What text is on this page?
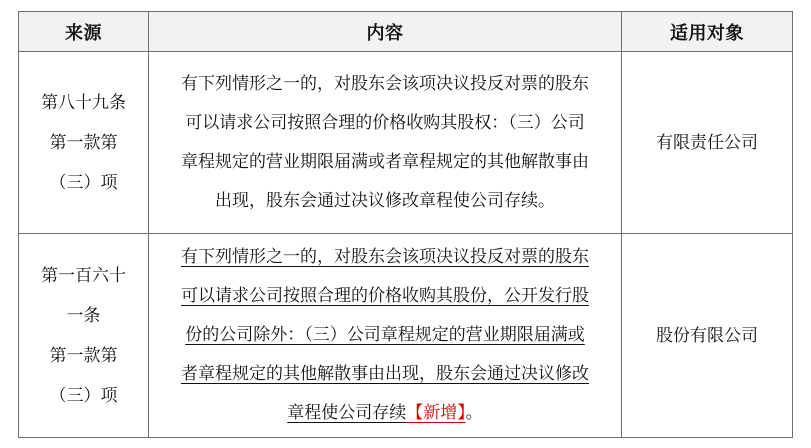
来源	内容	适用对象

第八十九条
第一款第
（三）项	有下列情形之一的，对股东会该项决议投反对票的股东
可以请求公司按照合理的价格收购其股权：（三）公司
章程规定的营业期限届满或者章程规定的其他解散事由
出现，股东会通过决议修改章程使公司存续。	有限责任公司

第一百六十
一条
第一款第
（三）项	有下列情形之一的，对股东会该项决议投反对票的股东
可以请求公司按照合理的价格收购其股份，公开发行股
份的公司除外：（三）公司章程规定的营业期限届满或
者章程规定的其他解散事由出现，股东会通过决议修改
章程使公司存续【新增】。	股份有限公司
